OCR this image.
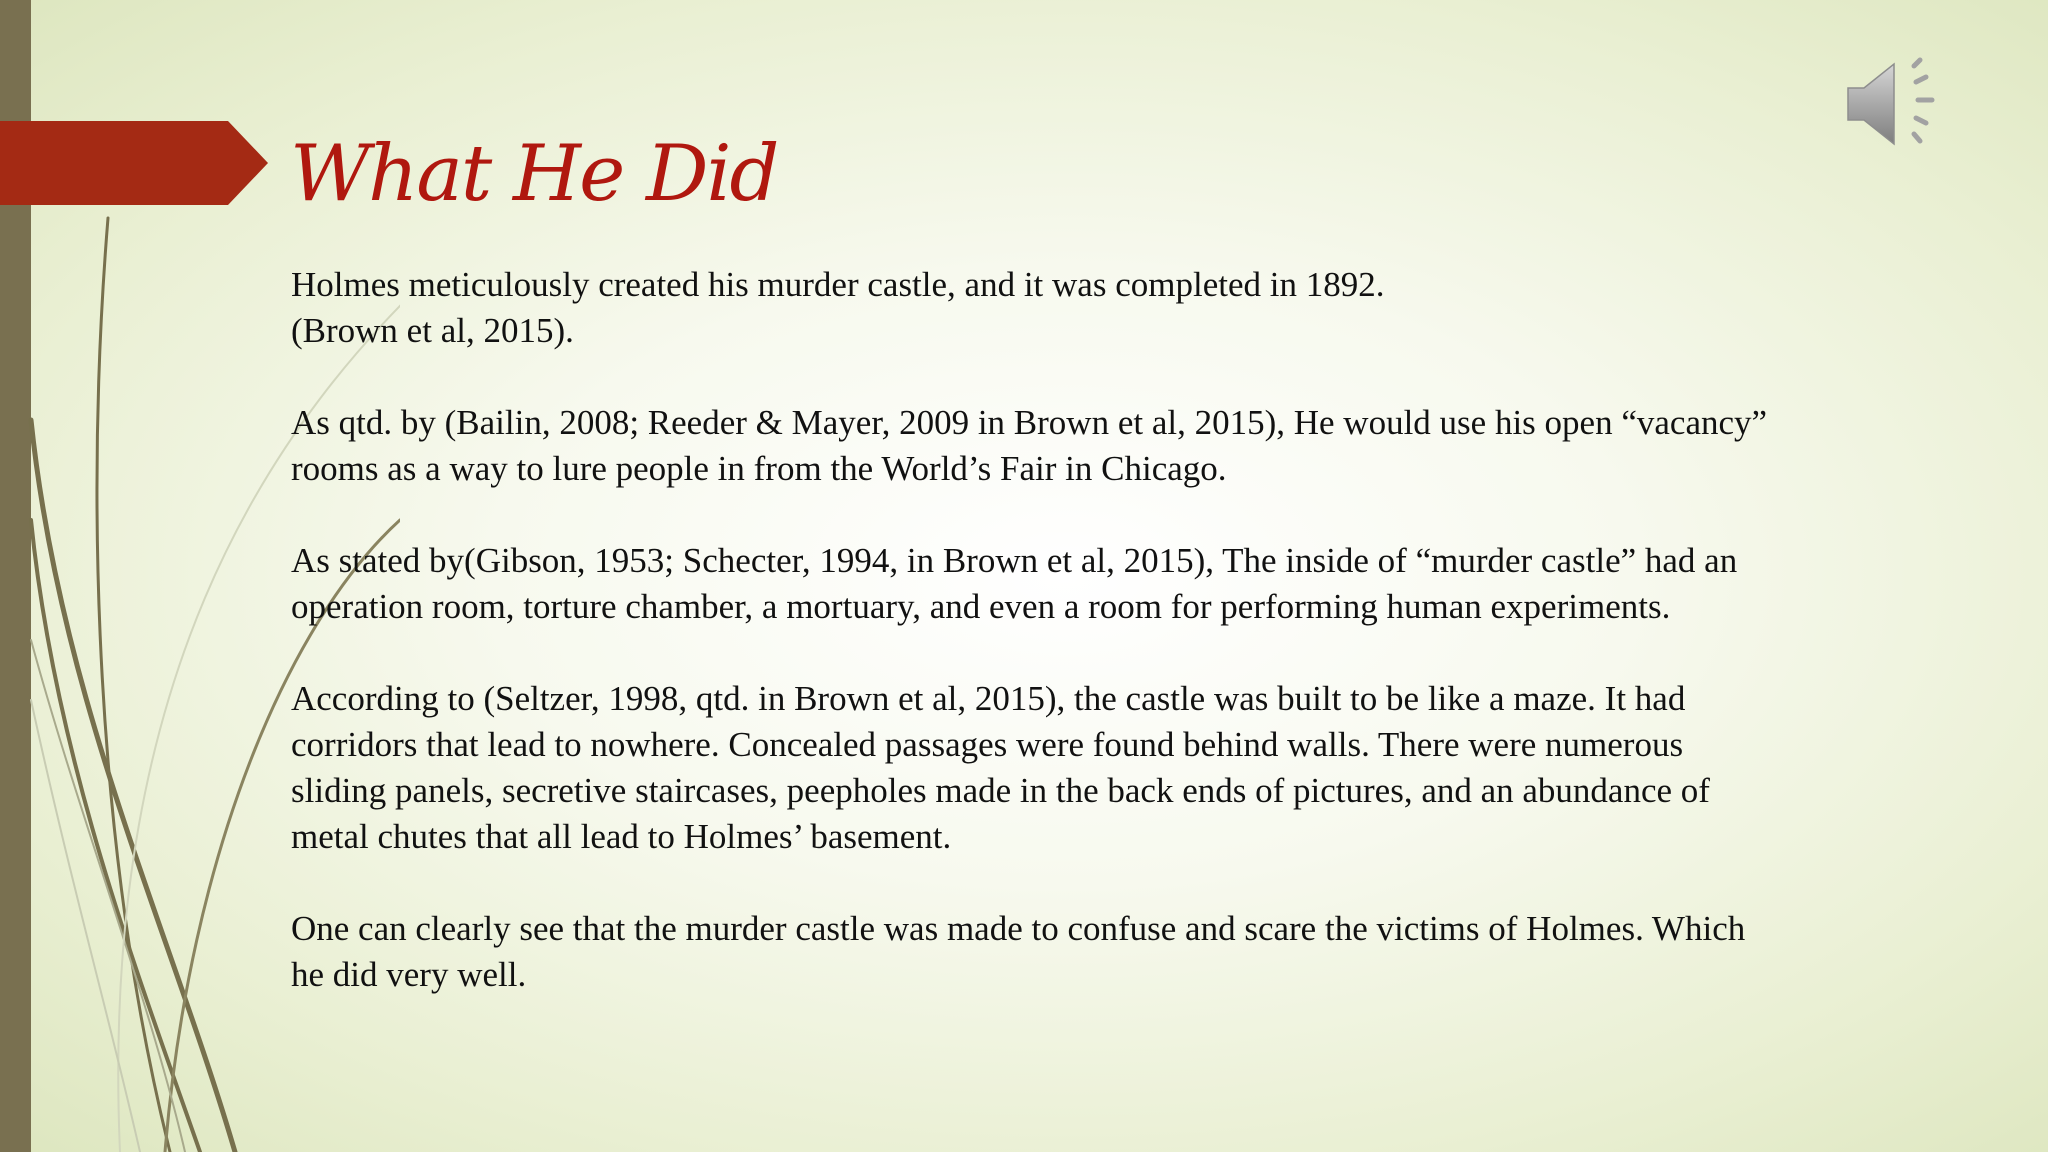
What He Did

Holmes meticulously created his murder castle, and it was completed in 1892.
(Brown et al, 2015).

As qtd. by (Bailin, 2008; Reeder & Mayer, 2009 in Brown et al, 2015), He would use his open “vacancy”
rooms as a way to lure people in from the World’s Fair in Chicago.

As stated by(Gibson, 1953; Schecter, 1994, in Brown et al, 2015), The inside of “murder castle” had an
operation room, torture chamber, a mortuary, and even a room for performing human experiments.

According to (Seltzer, 1998, qtd. in Brown et al, 2015), the castle was built to be like a maze. It had
corridors that lead to nowhere. Concealed passages were found behind walls. There were numerous
sliding panels, secretive staircases, peepholes made in the back ends of pictures, and an abundance of
metal chutes that all lead to Holmes’ basement.

One can clearly see that the murder castle was made to confuse and scare the victims of Holmes. Which
he did very well.
